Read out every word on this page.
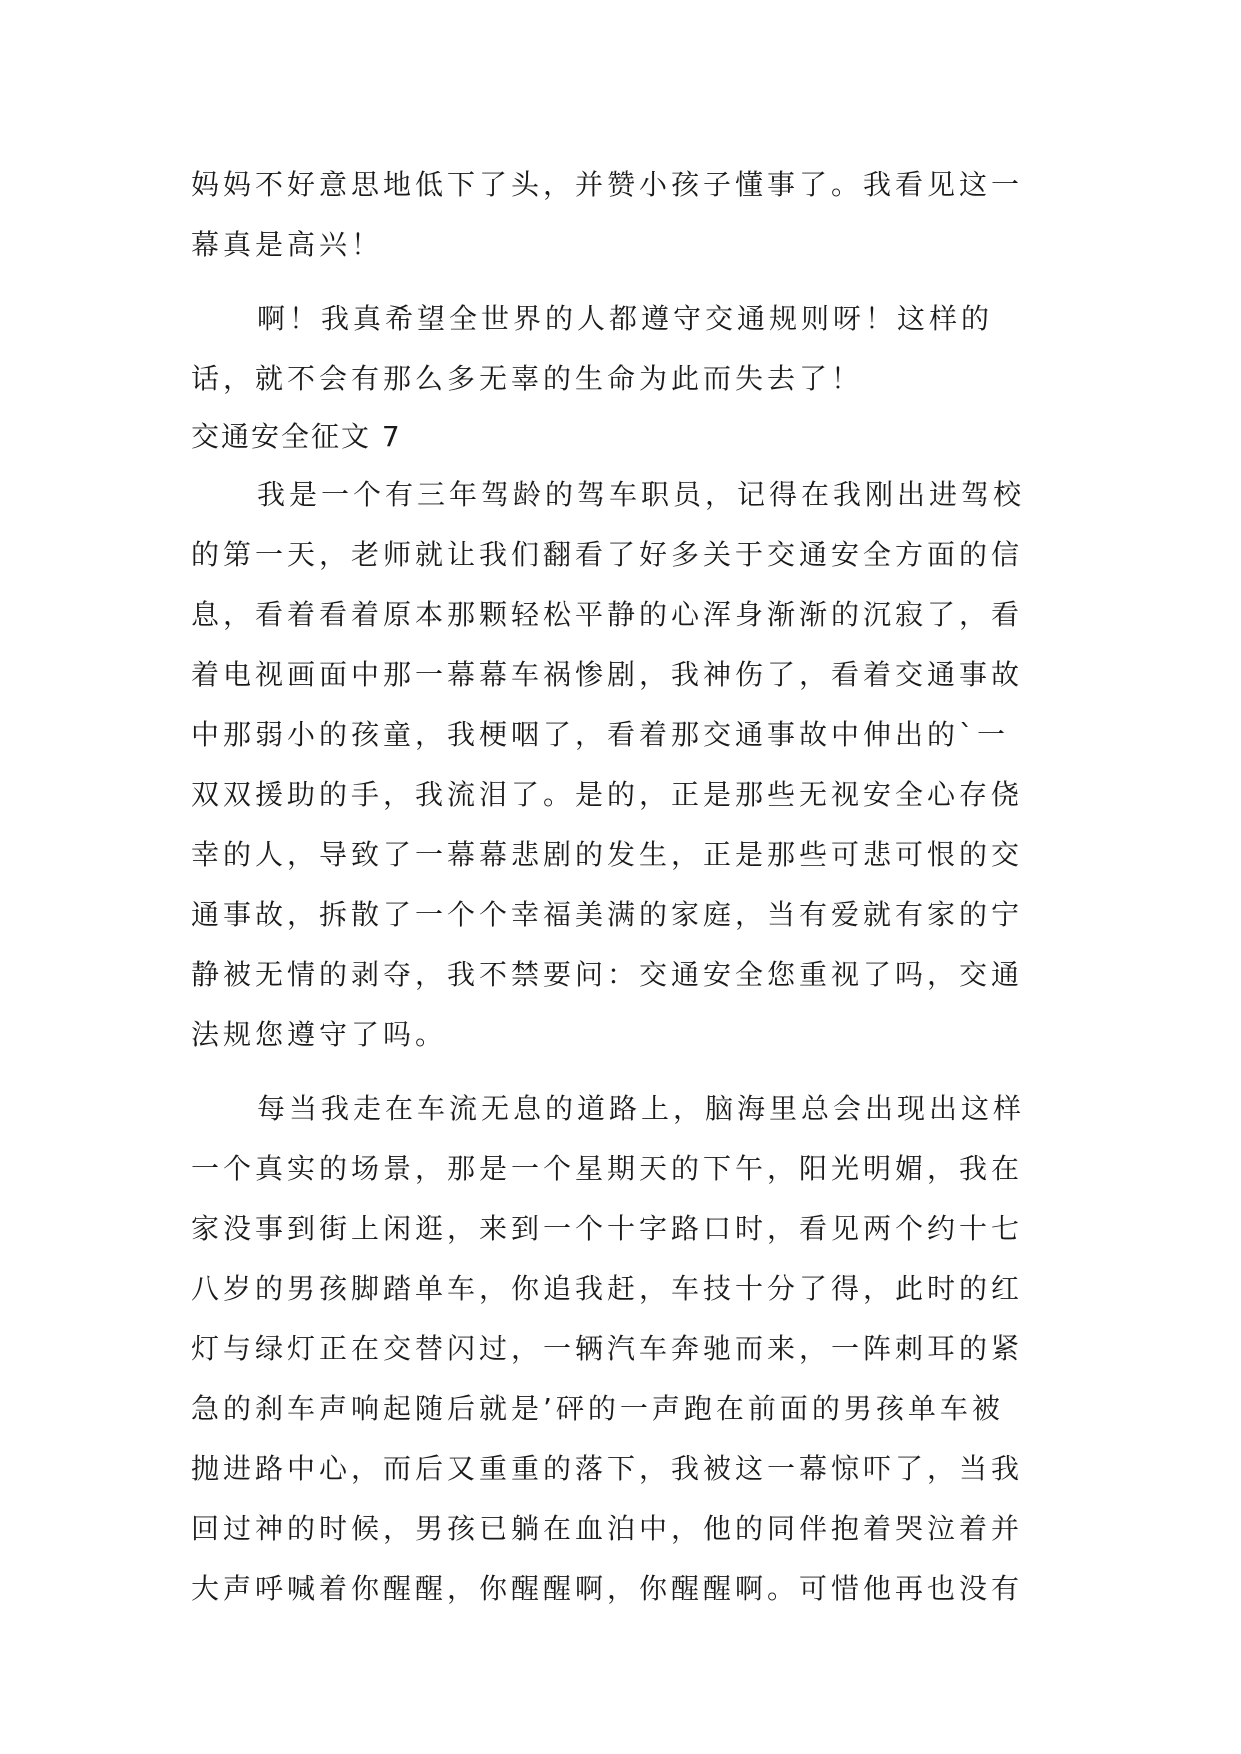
妈妈不好意思地低下了头，并赞小孩子懂事了。我看见这一
幕真是高兴！
啊！我真希望全世界的人都遵守交通规则呀！这样的
话，就不会有那么多无辜的生命为此而失去了！
交通安全征文 7
我是一个有三年驾龄的驾车职员，记得在我刚出进驾校
的第一天，老师就让我们翻看了好多关于交通安全方面的信
息，看着看着原本那颗轻松平静的心浑身渐渐的沉寂了，看
着电视画面中那一幕幕车祸惨剧，我神伤了，看着交通事故
中那弱小的孩童，我梗咽了，看着那交通事故中伸出的`一
双双援助的手，我流泪了。是的，正是那些无视安全心存侥
幸的人，导致了一幕幕悲剧的发生，正是那些可悲可恨的交
通事故，拆散了一个个幸福美满的家庭，当有爱就有家的宁
静被无情的剥夺，我不禁要问：交通安全您重视了吗，交通
法规您遵守了吗。
每当我走在车流无息的道路上，脑海里总会出现出这样
一个真实的场景，那是一个星期天的下午，阳光明媚，我在
家没事到街上闲逛，来到一个十字路口时，看见两个约十七
八岁的男孩脚踏单车，你追我赶，车技十分了得，此时的红
灯与绿灯正在交替闪过，一辆汽车奔驰而来，一阵刺耳的紧
急的刹车声响起随后就是’砰的一声跑在前面的男孩单车被
抛进路中心，而后又重重的落下，我被这一幕惊吓了，当我
回过神的时候，男孩已躺在血泊中，他的同伴抱着哭泣着并
大声呼喊着你醒醒，你醒醒啊，你醒醒啊。可惜他再也没有
